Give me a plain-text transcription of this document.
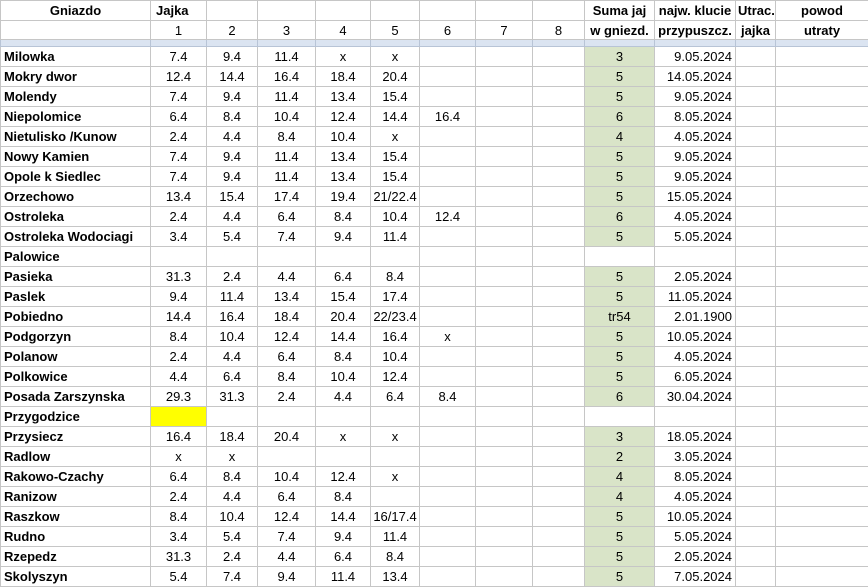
Gniazdo	Jajka								Suma jaj	najw. klucie	Utrac.	powod
	1	2	3	4	5	6	7	8	w gniezd.	przypuszcz.	jajka	utraty

Milowka	7.4	9.4	11.4	x	x				3	9.05.2024		
Mokry dwor	12.4	14.4	16.4	18.4	20.4				5	14.05.2024		
Molendy	7.4	9.4	11.4	13.4	15.4				5	9.05.2024		
Niepolomice	6.4	8.4	10.4	12.4	14.4	16.4			6	8.05.2024		
Nietulisko /Kunow	2.4	4.4	8.4	10.4	x				4	4.05.2024		
Nowy Kamien	7.4	9.4	11.4	13.4	15.4				5	9.05.2024		
Opole k Siedlec	7.4	9.4	11.4	13.4	15.4				5	9.05.2024		
Orzechowo	13.4	15.4	17.4	19.4	21/22.4				5	15.05.2024		
Ostroleka	2.4	4.4	6.4	8.4	10.4	12.4			6	4.05.2024		
Ostroleka Wodociagi	3.4	5.4	7.4	9.4	11.4				5	5.05.2024		
Palowice												
Pasieka	31.3	2.4	4.4	6.4	8.4				5	2.05.2024		
Paslek	9.4	11.4	13.4	15.4	17.4				5	11.05.2024		
Pobiedno	14.4	16.4	18.4	20.4	22/23.4				tr54	2.01.1900		
Podgorzyn	8.4	10.4	12.4	14.4	16.4	x			5	10.05.2024		
Polanow	2.4	4.4	6.4	8.4	10.4				5	4.05.2024		
Polkowice	4.4	6.4	8.4	10.4	12.4				5	6.05.2024		
Posada Zarszynska	29.3	31.3	2.4	4.4	6.4	8.4			6	30.04.2024		
Przygodzice												
Przysiecz	16.4	18.4	20.4	x	x				3	18.05.2024		
Radlow	x	x							2	3.05.2024		
Rakowo-Czachy	6.4	8.4	10.4	12.4	x				4	8.05.2024		
Ranizow	2.4	4.4	6.4	8.4					4	4.05.2024		
Raszkow	8.4	10.4	12.4	14.4	16/17.4				5	10.05.2024		
Rudno	3.4	5.4	7.4	9.4	11.4				5	5.05.2024		
Rzepedz	31.3	2.4	4.4	6.4	8.4				5	2.05.2024		
Skolyszyn	5.4	7.4	9.4	11.4	13.4				5	7.05.2024		
